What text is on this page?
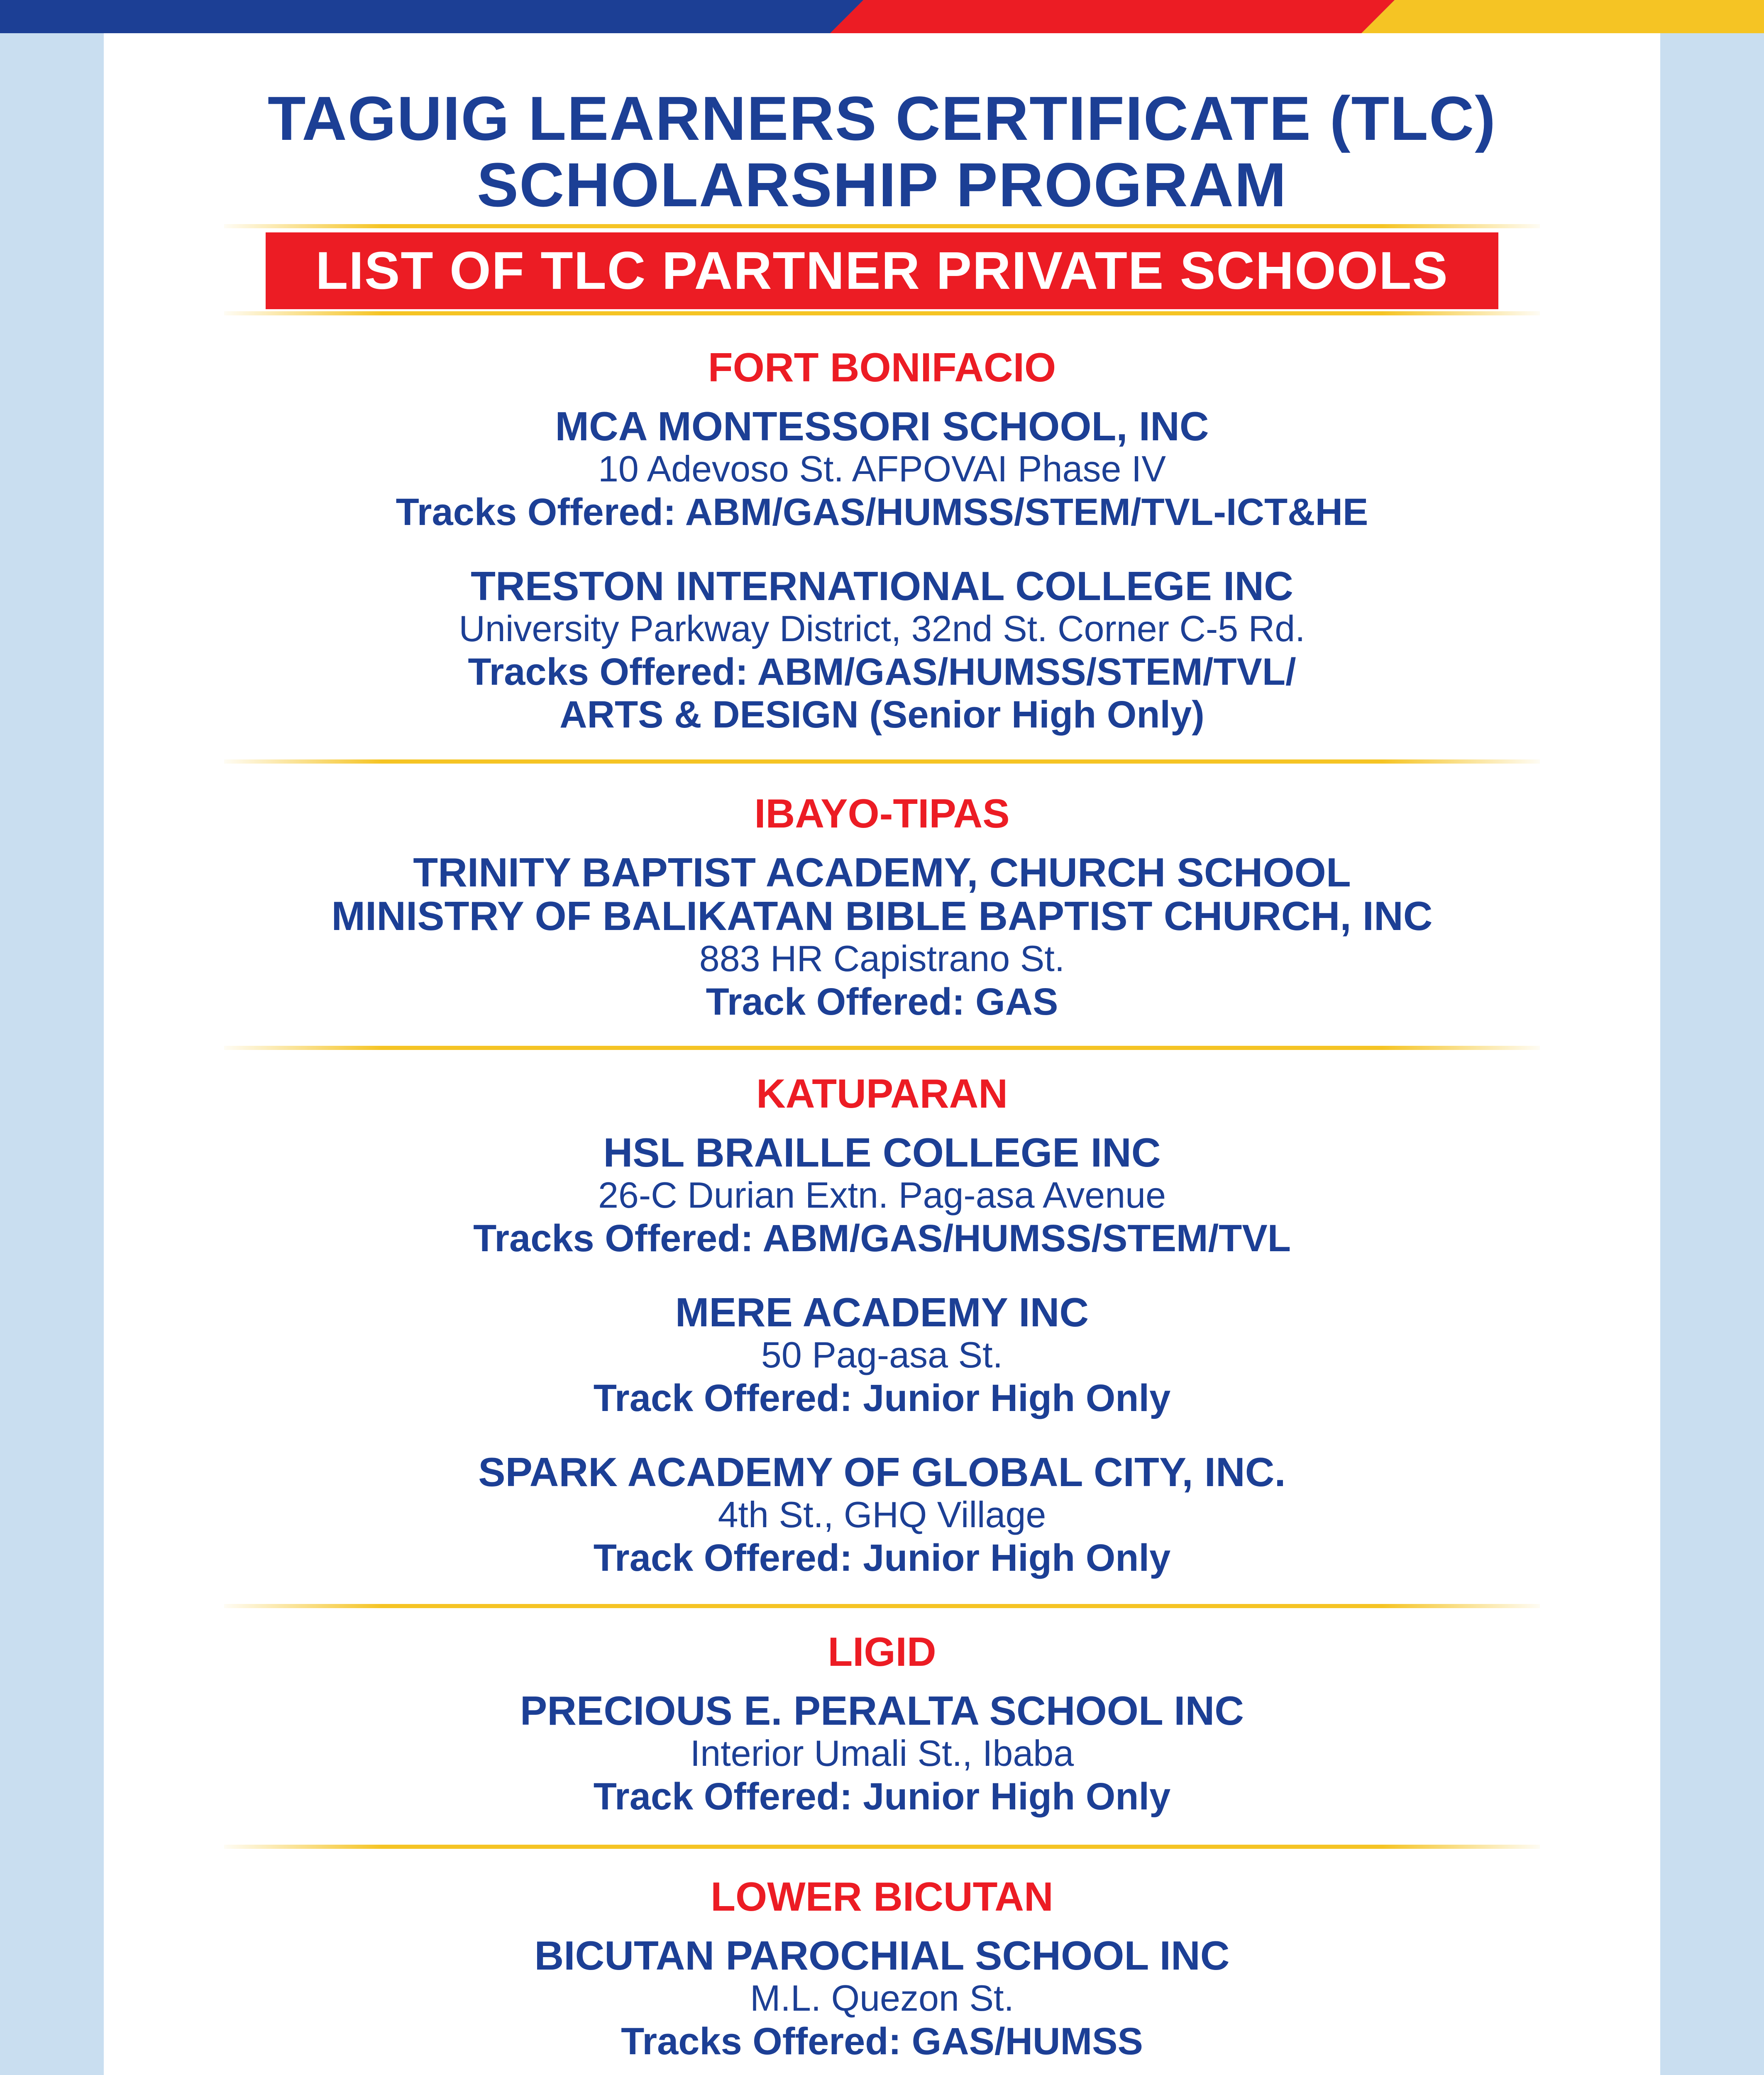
TAGUIG LEARNERS CERTIFICATE (TLC)
SCHOLARSHIP PROGRAM
LIST OF TLC PARTNER PRIVATE SCHOOLS
FORT BONIFACIO
MCA MONTESSORI SCHOOL, INC
10 Adevoso St. AFPOVAI Phase IV
Tracks Offered: ABM/GAS/HUMSS/STEM/TVL-ICT&HE
TRESTON INTERNATIONAL COLLEGE INC
University Parkway District, 32nd St. Corner C-5 Rd.
Tracks Offered: ABM/GAS/HUMSS/STEM/TVL/
ARTS & DESIGN (Senior High Only)
IBAYO-TIPAS
TRINITY BAPTIST ACADEMY, CHURCH SCHOOL
MINISTRY OF BALIKATAN BIBLE BAPTIST CHURCH, INC
883 HR Capistrano St.
Track Offered: GAS
KATUPARAN
HSL BRAILLE COLLEGE INC
26-C Durian Extn. Pag-asa Avenue
Tracks Offered: ABM/GAS/HUMSS/STEM/TVL
MERE ACADEMY INC
50 Pag-asa St.
Track Offered: Junior High Only
SPARK ACADEMY OF GLOBAL CITY, INC.
4th St., GHQ Village
Track Offered: Junior High Only
LIGID
PRECIOUS E. PERALTA SCHOOL INC
Interior Umali St., Ibaba
Track Offered: Junior High Only
LOWER BICUTAN
BICUTAN PAROCHIAL SCHOOL INC
M.L. Quezon St.
Tracks Offered: GAS/HUMSS
